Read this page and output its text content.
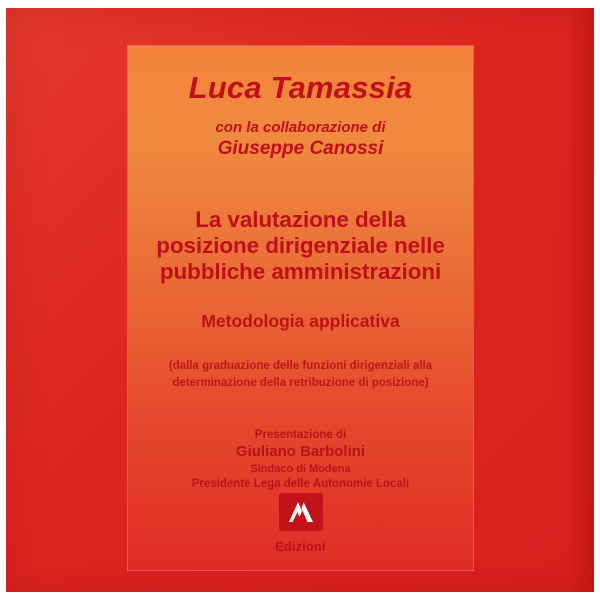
Luca Tamassia
con la collaborazione di
Giuseppe Canossi
La valutazione della posizione dirigenziale nelle pubbliche amministrazioni
Metodologia applicativa
(dalla graduazione delle funzioni dirigenziali alla determinazione della retribuzione di posizione)
Presentazione di
Giuliano Barbolini
Sindaco di Modena
Presidente Lega delle Autonomie Locali
Edizioni
